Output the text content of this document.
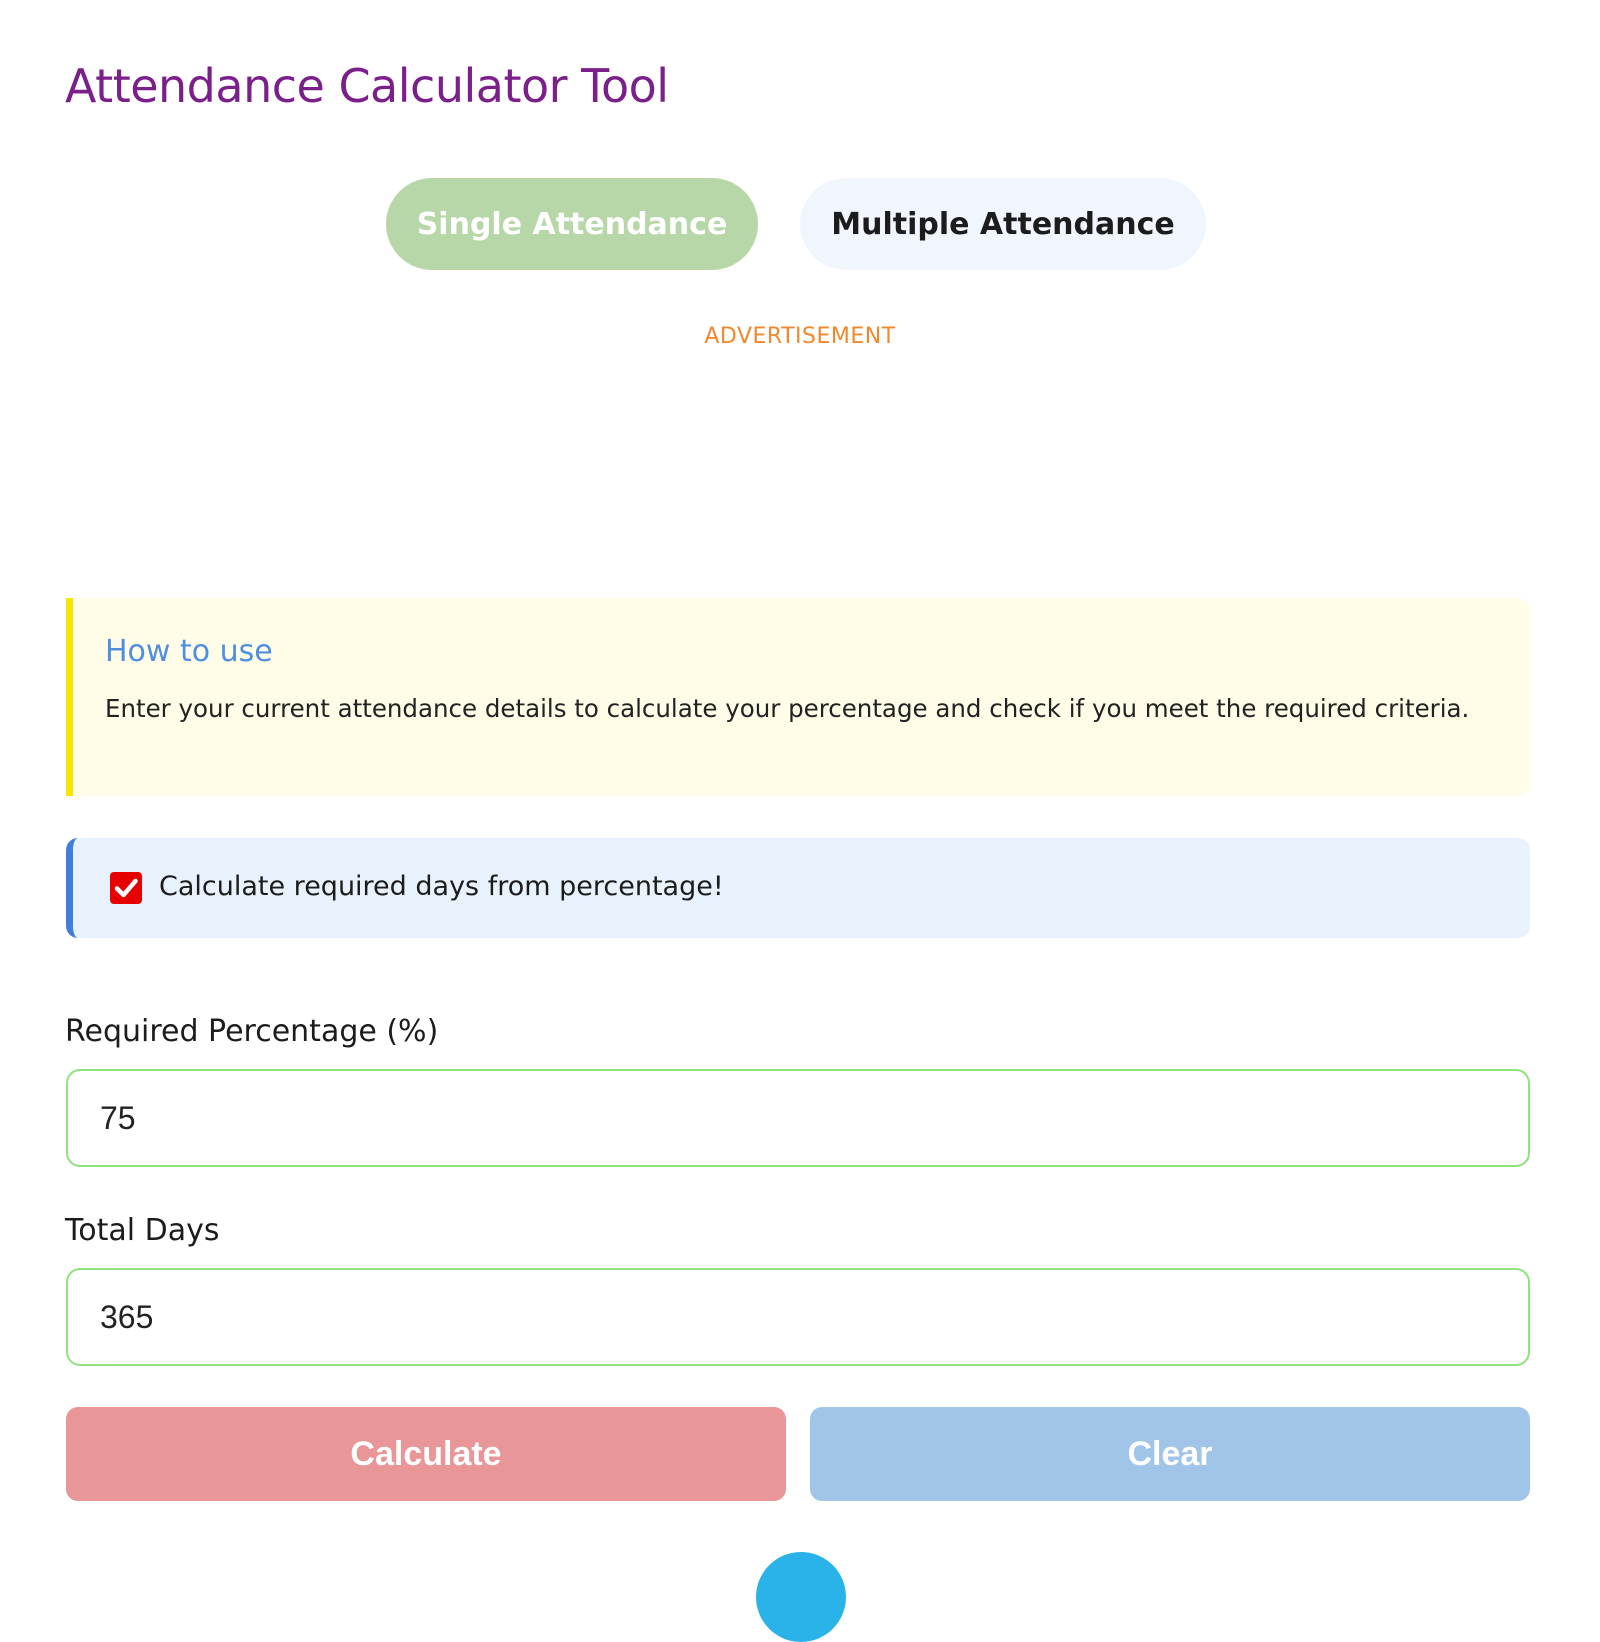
Attendance Calculator Tool
Single Attendance	Multiple Attendance
ADVERTISEMENT
How to use

Enter your current attendance details to calculate your percentage and check if you meet the required criteria.

Calculate required days from percentage!
Required Percentage (%)
75
Total Days
365
Calculate	Clear
